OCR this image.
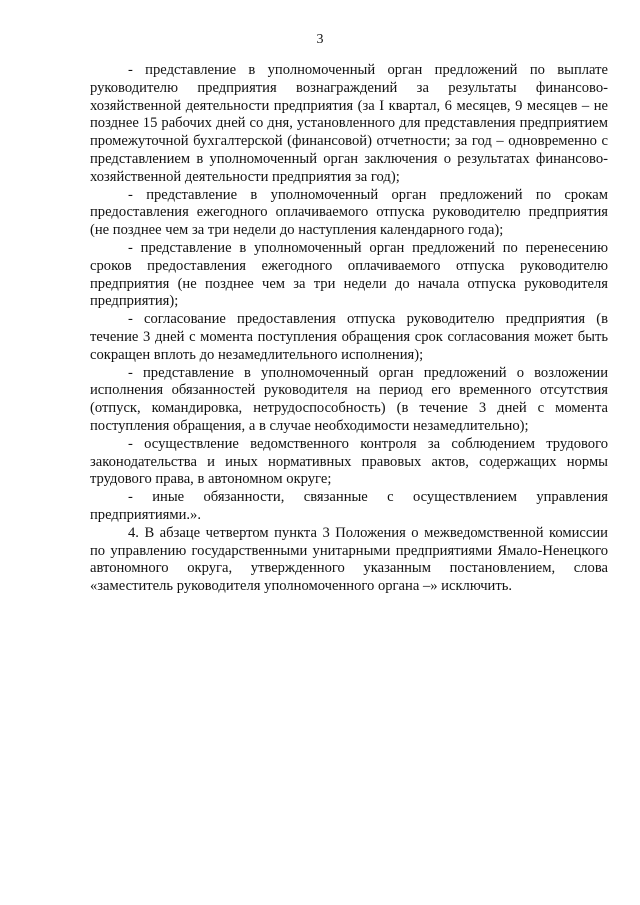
3

- представление в уполномоченный орган предложений по выплате руководителю предприятия вознаграждений за результаты финансово-хозяйственной деятельности предприятия (за I квартал, 6 месяцев, 9 месяцев – не позднее 15 рабочих дней со дня, установленного для представления предприятием промежуточной бухгалтерской (финансовой) отчетности; за год – одновременно с представлением в уполномоченный орган заключения о результатах финансово-хозяйственной деятельности предприятия за год);

- представление в уполномоченный орган предложений по срокам предоставления ежегодного оплачиваемого отпуска руководителю предприятия (не позднее чем за три недели до наступления календарного года);

- представление в уполномоченный орган предложений по перенесению сроков предоставления ежегодного оплачиваемого отпуска руководителю предприятия (не позднее чем за три недели до начала отпуска руководителя предприятия);

- согласование предоставления отпуска руководителю предприятия (в течение 3 дней с момента поступления обращения срок согласования может быть сокращен вплоть до незамедлительного исполнения);

- представление в уполномоченный орган предложений о возложении исполнения обязанностей руководителя на период его временного отсутствия (отпуск, командировка, нетрудоспособность) (в течение 3 дней с момента поступления обращения, а в случае необходимости незамедлительно);

- осуществление ведомственного контроля за соблюдением трудового законодательства и иных нормативных правовых актов, содержащих нормы трудового права, в автономном округе;

- иные обязанности, связанные с осуществлением управления предприятиями.».

4. В абзаце четвертом пункта 3 Положения о межведомственной комиссии по управлению государственными унитарными предприятиями Ямало-Ненецкого автономного округа, утвержденного указанным постановлением, слова «заместитель руководителя уполномоченного органа –» исключить.
